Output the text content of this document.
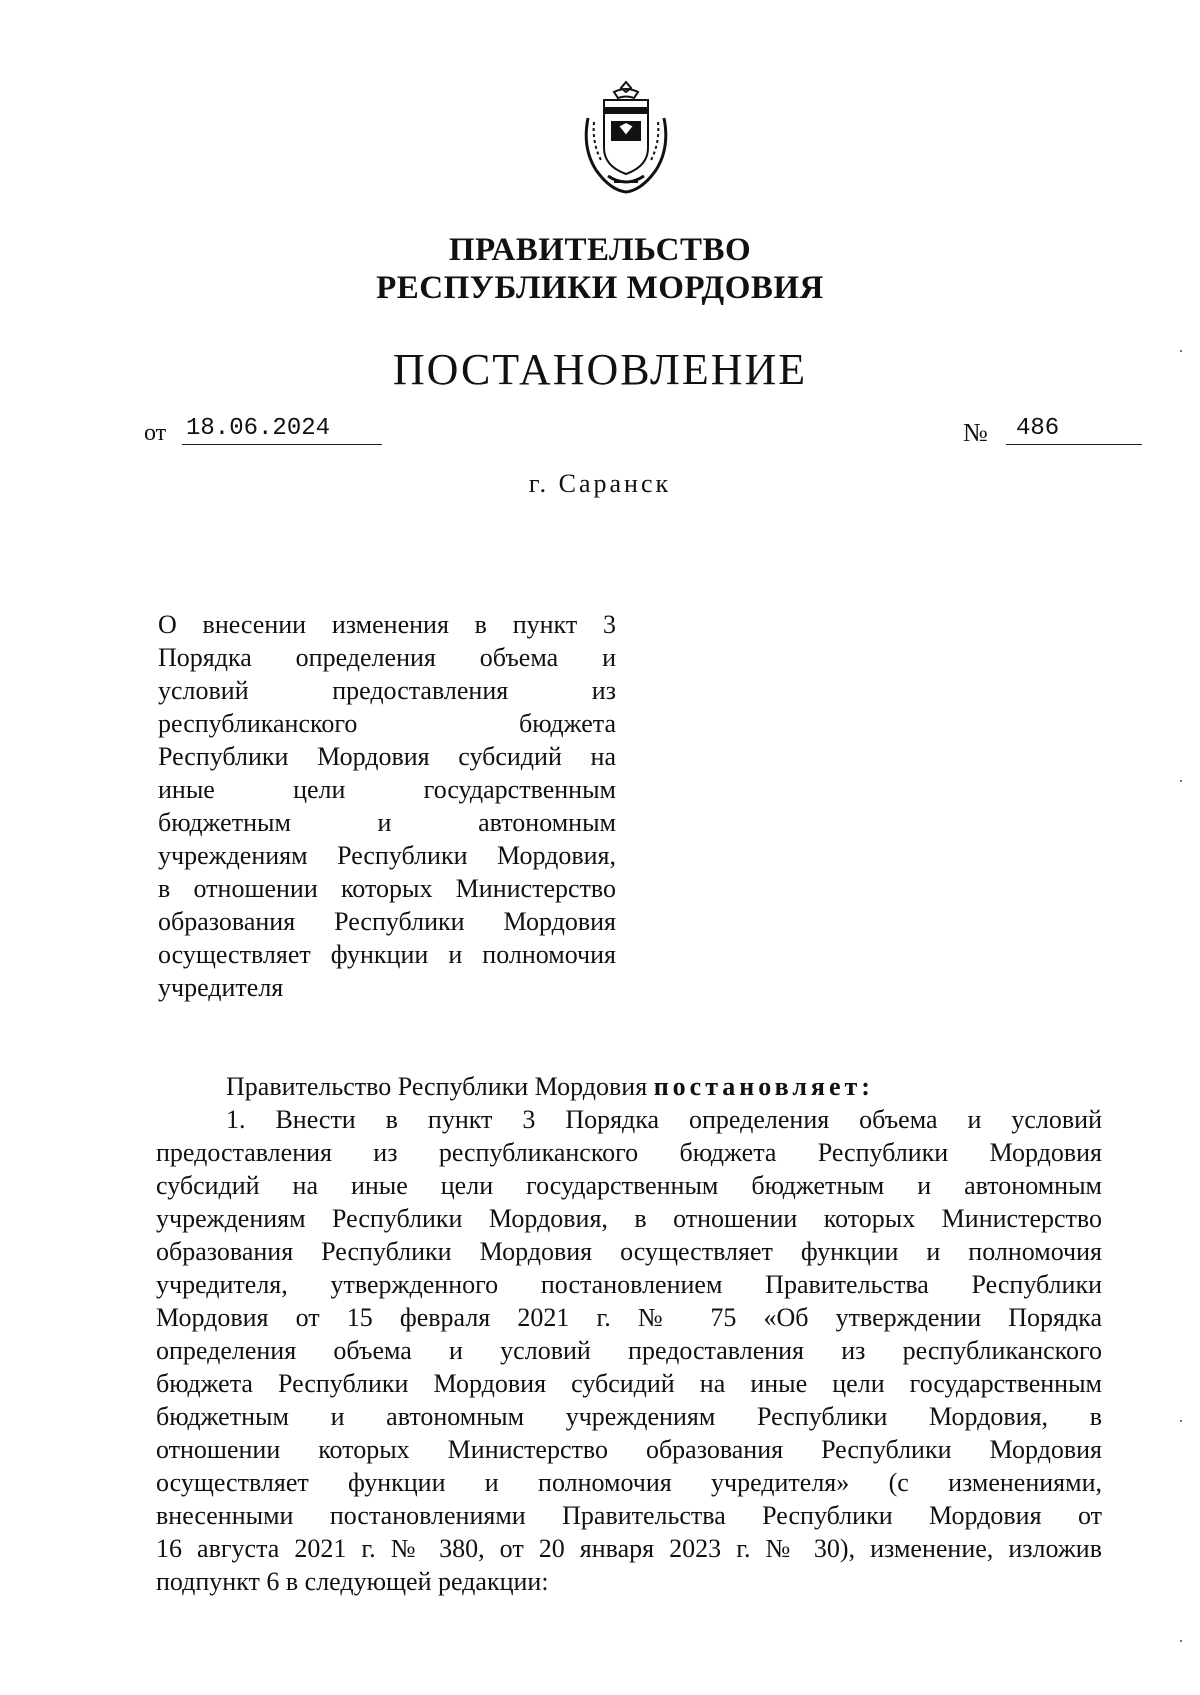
ПРАВИТЕЛЬСТВО
РЕСПУБЛИКИ МОРДОВИЯ
ПОСТАНОВЛЕНИЕ
от 18.06.2024	№	486
г. Саранск
О внесении изменения в пункт 3
Порядка определения объема и
условий предоставления из
республиканского бюджета
Республики Мордовия субсидий на
иные цели государственным
бюджетным и автономным
учреждениям Республики Мордовия,
в отношении которых Министерство
образования Республики Мордовия
осуществляет функции и полномочия
учредителя
Правительство Республики Мордовия постановляет:
1. Внести в пункт 3 Порядка определения объема и условий
предоставления из республиканского бюджета Республики Мордовия
субсидий на иные цели государственным бюджетным и автономным
учреждениям Республики Мордовия, в отношении которых Министерство
образования Республики Мордовия осуществляет функции и полномочия
учредителя, утвержденного постановлением Правительства Республики
Мордовия от 15 февраля 2021 г. № 75 «Об утверждении Порядка
определения объема и условий предоставления из республиканского
бюджета Республики Мордовия субсидий на иные цели государственным
бюджетным и автономным учреждениям Республики Мордовия, в
отношении которых Министерство образования Республики Мордовия
осуществляет функции и полномочия учредителя» (с изменениями,
внесенными постановлениями Правительства Республики Мордовия от
16 августа 2021 г. № 380, от 20 января 2023 г. № 30), изменение, изложив
подпункт 6 в следующей редакции:
